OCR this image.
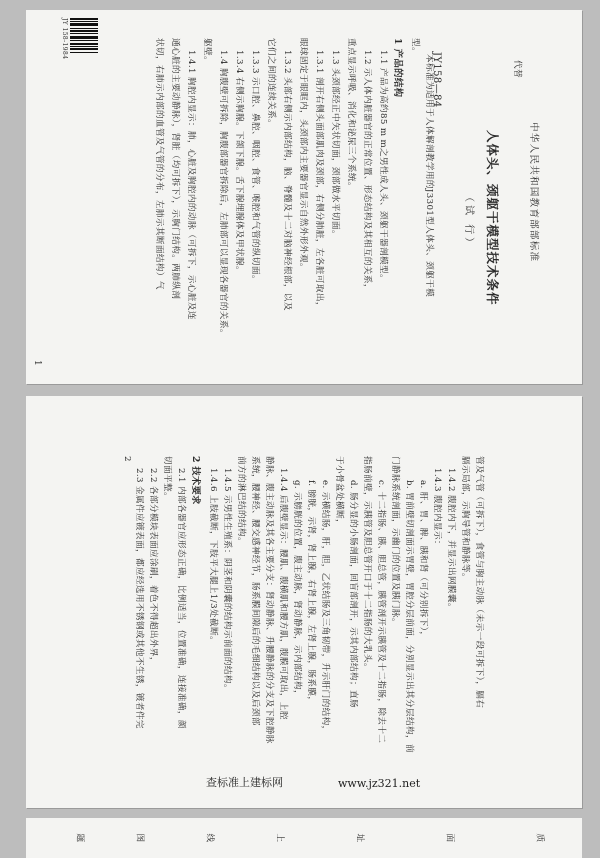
JY 158-1984
中华人民共和国教育部部标准
JY158—84	代替
人体头、颈躯干模型技术条件
（试 行）
本标准为适用于人体解剖教学用的J3301型人体头、颈躯干模
型。
1 产品的结构
1.1 产品为高约85 m m之男性成人头、颈躯干器剖模型。
1.2 示人体内脏器官的正常位置、形态结构及其相互的关系，
重点显示呼吸、消化和泌尿三个系统。
1.3 头颈部经正中矢状切面，颈部做水平切面。
1.3.1 剖开右侧头面部肌肉及颈部，右侧分肺脏，左各脏可取出，
眼球固定于眼眶内，头颈部内主要器官显示自然外形外观。
1.3.2 头部右侧示内部结构，脑、脊髓及十二对脑神经根部，以及
它们之间的连续关系。
1.3.3 示口腔、鼻腔、咽腔、食管、喉腔和气管的纵切面。
1.3.4 右侧示胸腺。下颌下腺。舌下腺埋腺体及甲状腺。
1.4 胸腹壁可拆除，胸腹部器官拆除后，左肺部可以显现各器官的关系。
躯壁。
1.4.1 胸腔内显示：肺，心脏及胸腔内的动脉（可拆下，示心脏及连
通心脏的主要动静脉），肾脏（均可拆下），示胸门结构。两肺纵剖
状切，右肺示内部的血管及气管的分布，左肺示其断面结构）气
1
管及气管（可拆下），食管与胸主动脉（未示一段可拆下），膈右
膈示局部，示胸导管和静脉等。
1.4.2 腹腔内下，并显示出网膜囊。
1.4.3 腹腔内显示：
a. 肝、胃、脾、胰和肾（可分别拆下），
b. 胃前壁切剖面示胃壁，胃腔分层前面，分别显示出其分层结构，前
门静脉系统剖面，示幽门的位置及胰门脉。
c. 十二指肠、胰、胆总管，胰管剖开示胰管及十二指肠，除去十二
指肠前壁，示胰管及胆总管开口于十二指肠的大乳头。
d. 肠分显的小肠剖面，回盲部剖开，示其内部结构；直肠
于小骨盆处横断，
e. 示横结肠，肝，胆，乙状结肠及三角韧带，升示肝门的结构，
f. 膀胱，示肾，肾上腺，右肾上腺，左肾上腺，肠系膜，
g. 示膀胱的位置，腹主动脉，肾动静脉，示内部结构，
1.4.4 后腹壁显示：腰肌、腹横肌和腰方肌，腹膜可取出，上腔
静脉、腹主动脉及其各主要分支：肾动静脉、升腰静脉的分支及下腔静脉
系统，腰神经、腰交感神经节，肠系膜间隙后的毛细结构以及后颈部
前方的淋巴结的结构。
1.4.5 示男性生殖系：阴茎和阴囊的结构示前面的结构。
1.4.6 上肢截断，下肢平大腿上1/3处截断。
2 技术要求
2.1 内部各器官应形态正确，比例适当，位置准确，连接准确，颜
切面平整。
2.2 各部分模块表面应涂刷，着色不得超出外界，
2.3 金属件应镀表面，都应经选用不锈钢或其他不生锈，镀者件完
2
查标准上建标网	www.jz321.net
题	图	线	上	址	面	质
